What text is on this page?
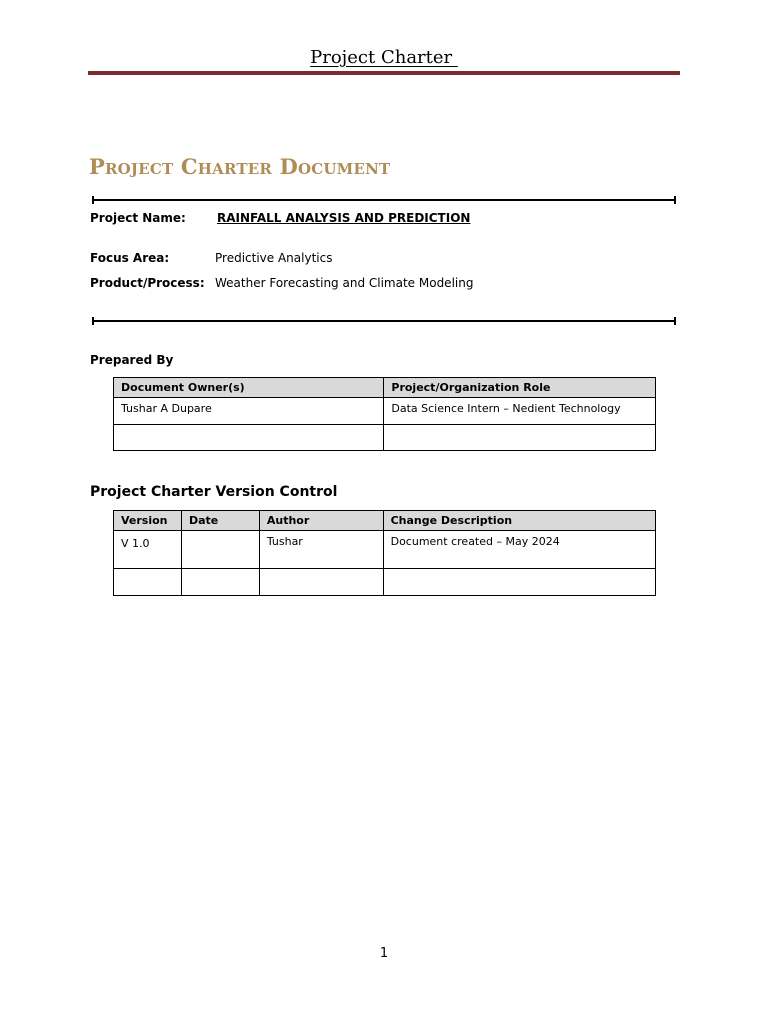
Project Charter
Project Charter Document
Project Name:	RAINFALL ANALYSIS AND PREDICTION
Focus Area:	Predictive Analytics
Product/Process: Weather Forecasting and Climate Modeling
Prepared By
Document Owner(s)	Project/Organization Role
Tushar A Dupare	Data Science Intern – Nedient Technology

Project Charter Version Control
Version	Date	Author	Change Description
V 1.0		Tushar	Document created – May 2024

1
